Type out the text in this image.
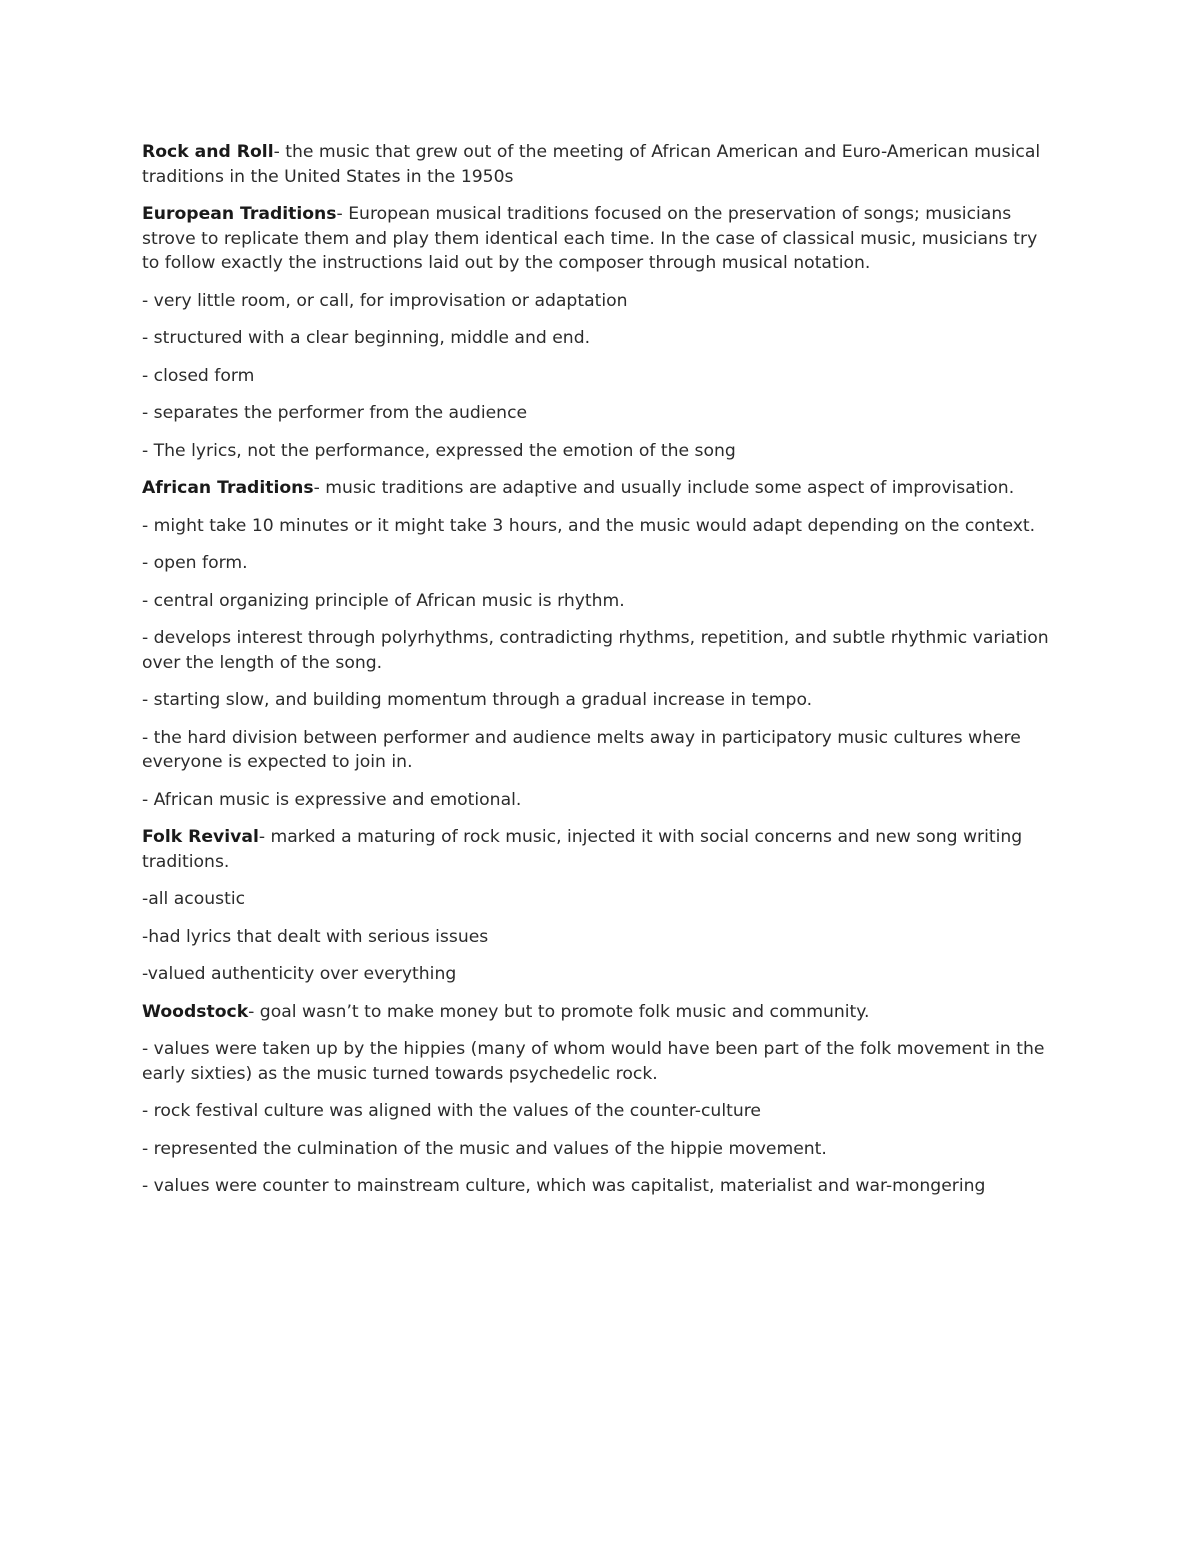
Rock and Roll- the music that grew out of the meeting of African American and Euro-American musical traditions in the United States in the 1950s

European Traditions- European musical traditions focused on the preservation of songs; musicians strove to replicate them and play them identical each time. In the case of classical music, musicians try to follow exactly the instructions laid out by the composer through musical notation.

- very little room, or call, for improvisation or adaptation

- structured with a clear beginning, middle and end.

- closed form

- separates the performer from the audience

- The lyrics, not the performance, expressed the emotion of the song

African Traditions- music traditions are adaptive and usually include some aspect of improvisation.

- might take 10 minutes or it might take 3 hours, and the music would adapt depending on the context.

- open form.

- central organizing principle of African music is rhythm.

- develops interest through polyrhythms, contradicting rhythms, repetition, and subtle rhythmic variation over the length of the song.

- starting slow, and building momentum through a gradual increase in tempo.

- the hard division between performer and audience melts away in participatory music cultures where everyone is expected to join in.

- African music is expressive and emotional.

Folk Revival- marked a maturing of rock music, injected it with social concerns and new song writing traditions.

-all acoustic

-had lyrics that dealt with serious issues

-valued authenticity over everything

Woodstock- goal wasn’t to make money but to promote folk music and community.

- values were taken up by the hippies (many of whom would have been part of the folk movement in the early sixties) as the music turned towards psychedelic rock.

- rock festival culture was aligned with the values of the counter-culture

- represented the culmination of the music and values of the hippie movement.

- values were counter to mainstream culture, which was capitalist, materialist and war-mongering
